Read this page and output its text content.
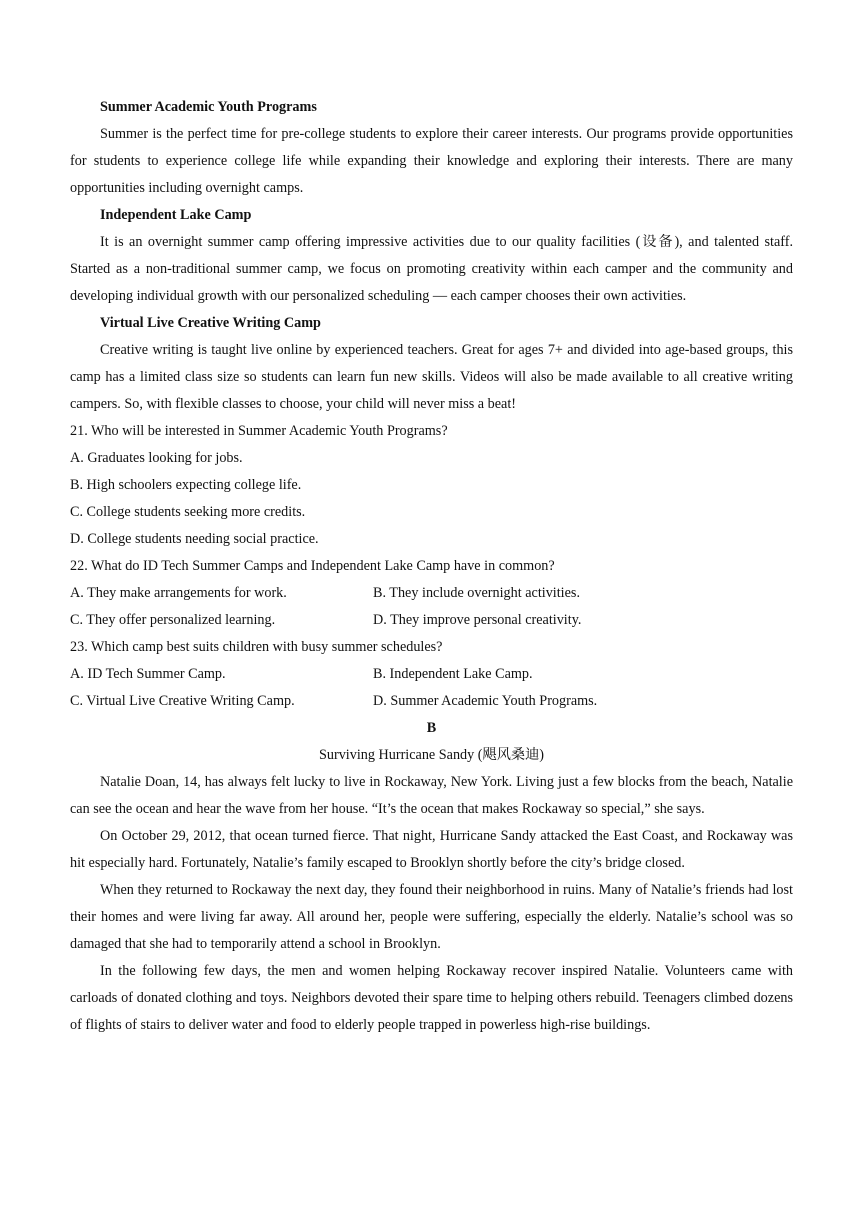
Summer Academic Youth Programs

Summer is the perfect time for pre-college students to explore their career interests. Our programs provide opportunities for students to experience college life while expanding their knowledge and exploring their interests. There are many opportunities including overnight camps.

Independent Lake Camp

It is an overnight summer camp offering impressive activities due to our quality facilities (设备), and talented staff. Started as a non-traditional summer camp, we focus on promoting creativity within each camper and the community and developing individual growth with our personalized scheduling — each camper chooses their own activities.

Virtual Live Creative Writing Camp

Creative writing is taught live online by experienced teachers. Great for ages 7+ and divided into age-based groups, this camp has a limited class size so students can learn fun new skills. Videos will also be made available to all creative writing campers. So, with flexible classes to choose, your child will never miss a beat!

21. Who will be interested in Summer Academic Youth Programs?

A. Graduates looking for jobs.

B. High schoolers expecting college life.

C. College students seeking more credits.

D. College students needing social practice.

22. What do ID Tech Summer Camps and Independent Lake Camp have in common?

A. They make arrangements for work.	B. They include overnight activities.
C. They offer personalized learning.	D. They improve personal creativity.

23. Which camp best suits children with busy summer schedules?

A. ID Tech Summer Camp.	B. Independent Lake Camp.
C. Virtual Live Creative Writing Camp.	D. Summer Academic Youth Programs.

B

Surviving Hurricane Sandy (飓风桑迪)

Natalie Doan, 14, has always felt lucky to live in Rockaway, New York. Living just a few blocks from the beach, Natalie can see the ocean and hear the wave from her house. “It’s the ocean that makes Rockaway so special,” she says.

On October 29, 2012, that ocean turned fierce. That night, Hurricane Sandy attacked the East Coast, and Rockaway was hit especially hard. Fortunately, Natalie’s family escaped to Brooklyn shortly before the city’s bridge closed.

When they returned to Rockaway the next day, they found their neighborhood in ruins. Many of Natalie’s friends had lost their homes and were living far away. All around her, people were suffering, especially the elderly. Natalie’s school was so damaged that she had to temporarily attend a school in Brooklyn.

In the following few days, the men and women helping Rockaway recover inspired Natalie. Volunteers came with carloads of donated clothing and toys. Neighbors devoted their spare time to helping others rebuild. Teenagers climbed dozens of flights of stairs to deliver water and food to elderly people trapped in powerless high-rise buildings.
